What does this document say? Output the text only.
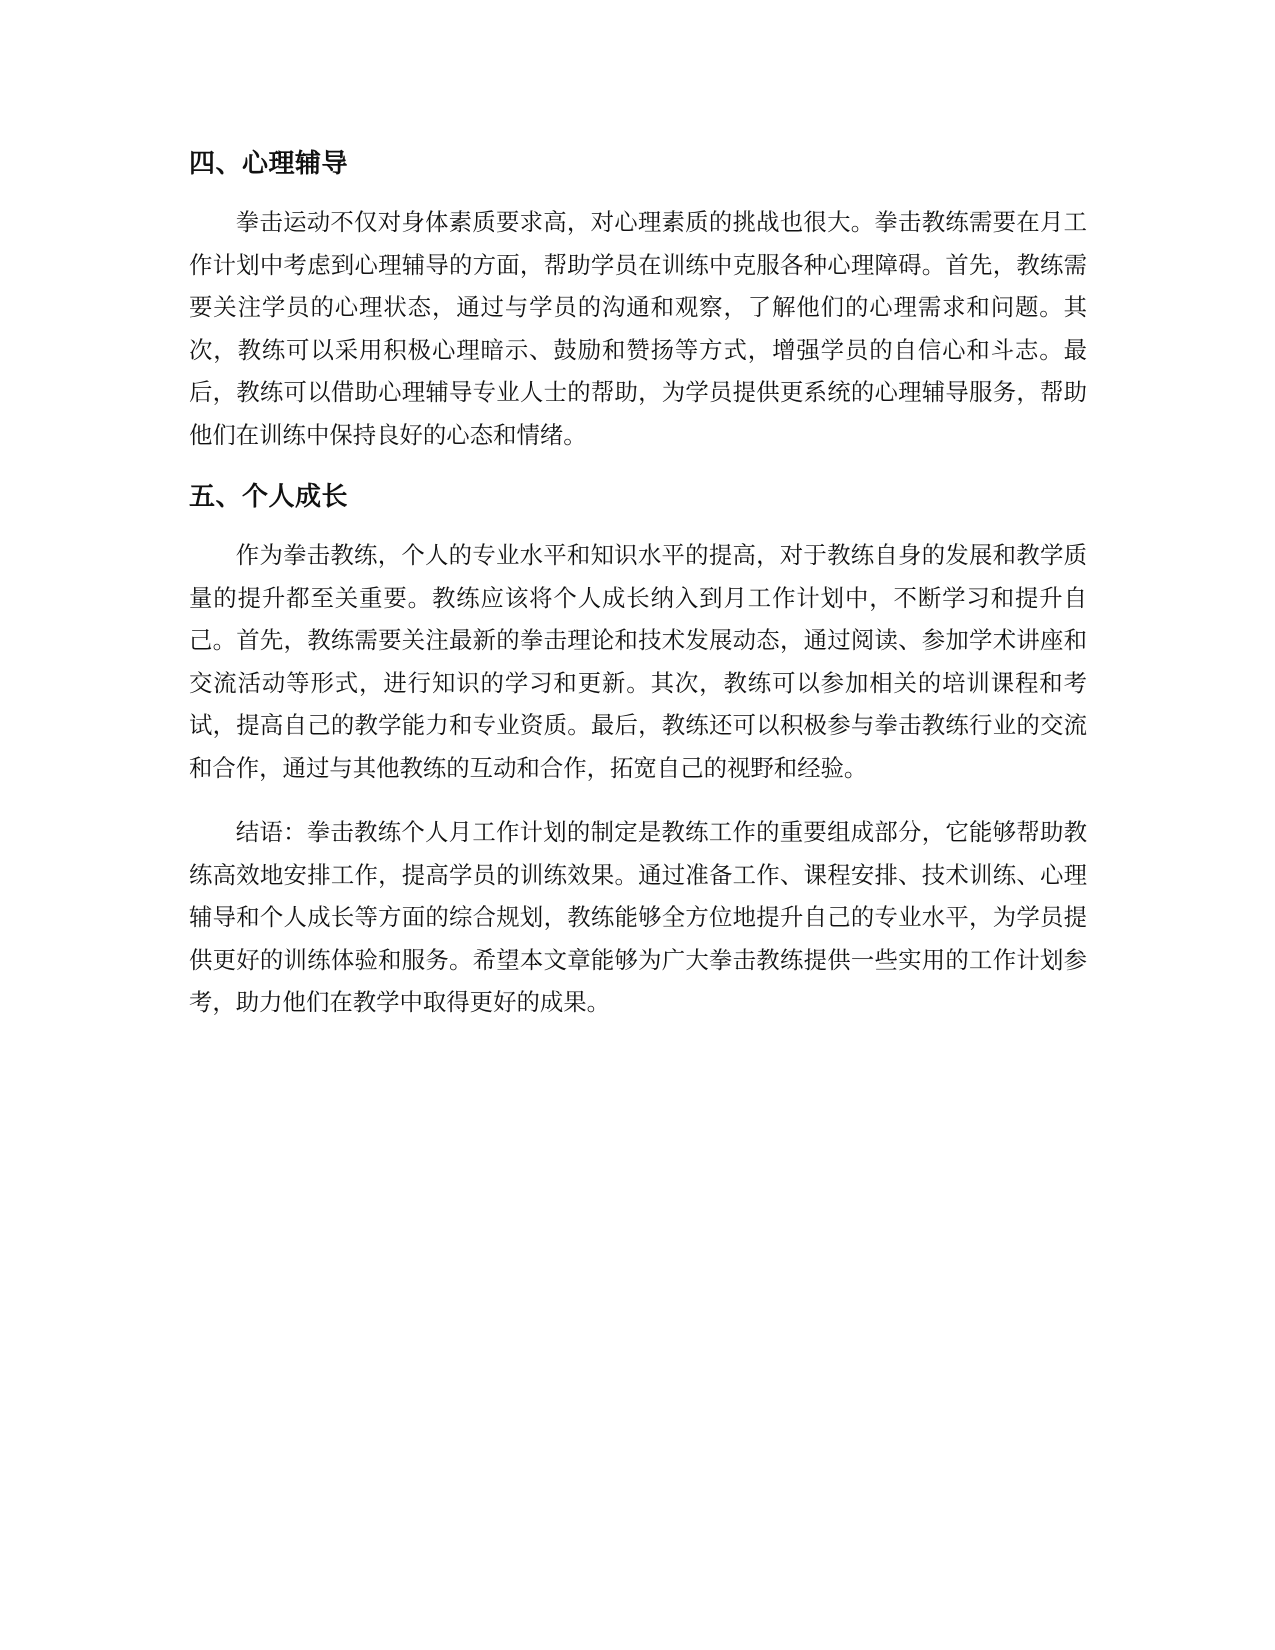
四、心理辅导

拳击运动不仅对身体素质要求高，对心理素质的挑战也很大。拳击教练需要在月工作计划中考虑到心理辅导的方面，帮助学员在训练中克服各种心理障碍。首先，教练需要关注学员的心理状态，通过与学员的沟通和观察，了解他们的心理需求和问题。其次，教练可以采用积极心理暗示、鼓励和赞扬等方式，增强学员的自信心和斗志。最后，教练可以借助心理辅导专业人士的帮助，为学员提供更系统的心理辅导服务，帮助他们在训练中保持良好的心态和情绪。

五、个人成长

作为拳击教练，个人的专业水平和知识水平的提高，对于教练自身的发展和教学质量的提升都至关重要。教练应该将个人成长纳入到月工作计划中，不断学习和提升自己。首先，教练需要关注最新的拳击理论和技术发展动态，通过阅读、参加学术讲座和交流活动等形式，进行知识的学习和更新。其次，教练可以参加相关的培训课程和考试，提高自己的教学能力和专业资质。最后，教练还可以积极参与拳击教练行业的交流和合作，通过与其他教练的互动和合作，拓宽自己的视野和经验。

结语：拳击教练个人月工作计划的制定是教练工作的重要组成部分，它能够帮助教练高效地安排工作，提高学员的训练效果。通过准备工作、课程安排、技术训练、心理辅导和个人成长等方面的综合规划，教练能够全方位地提升自己的专业水平，为学员提供更好的训练体验和服务。希望本文章能够为广大拳击教练提供一些实用的工作计划参考，助力他们在教学中取得更好的成果。
